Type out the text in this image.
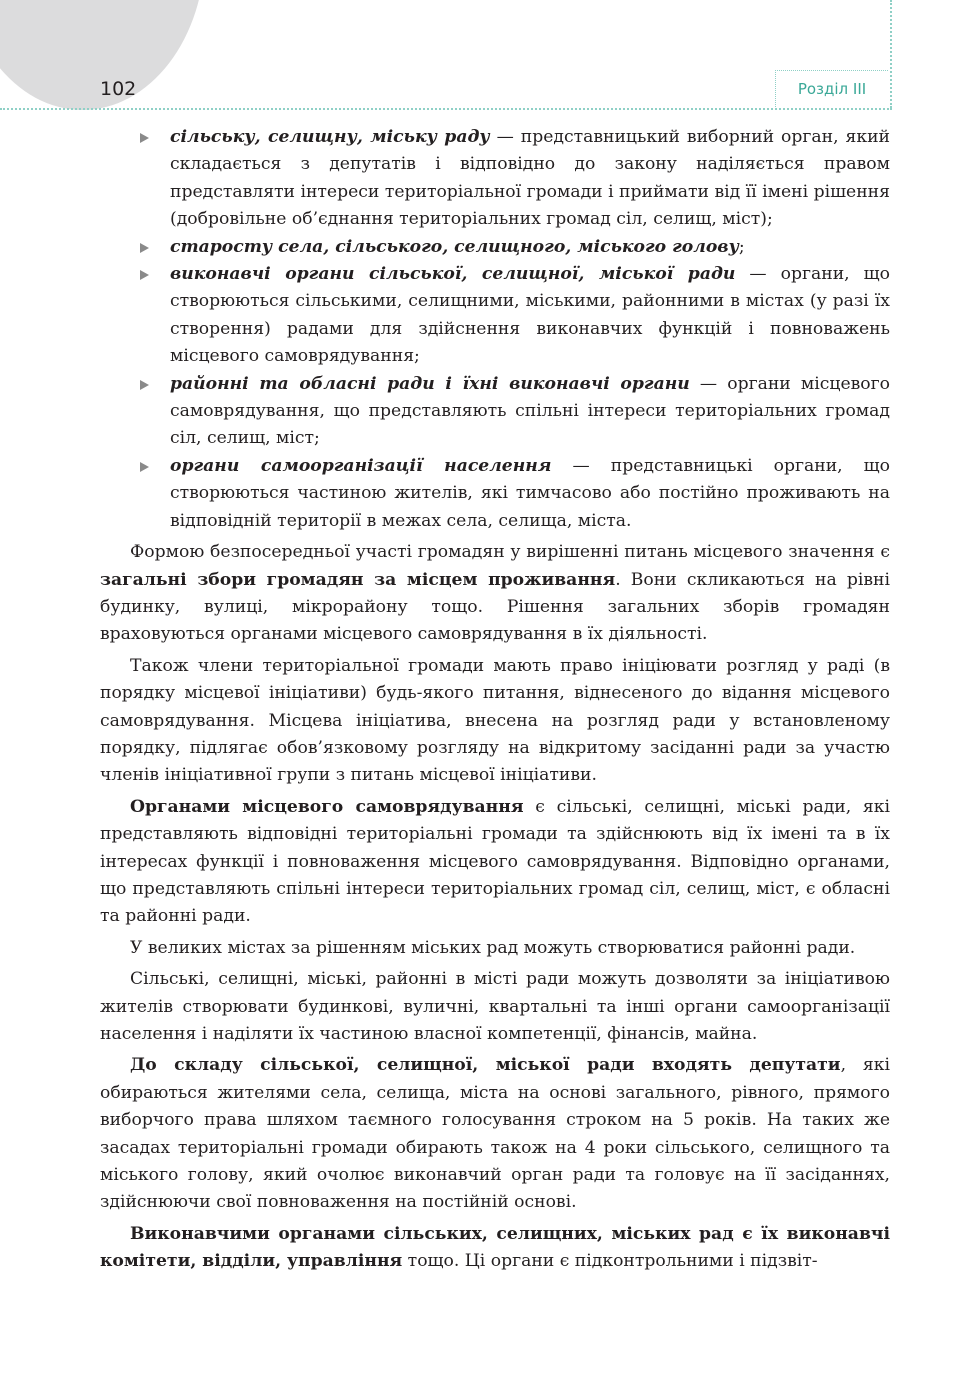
102	Розділ ІІІ
сільську, селищну, міську раду — представницький виборний орган, який складається з депутатів і відповідно до закону наділяється правом представляти інтереси територіальної громади і приймати від її імені рішення (добровільне об’єднання територіальних громад сіл, селищ, міст);
старосту села, сільського, селищного, міського голову;
виконавчі органи сільської, селищної, міської ради — органи, що створюються сільськими, селищними, міськими, районними в містах (у разі їх створення) радами для здійснення виконавчих функцій і повноважень місцевого самоврядування;
районні та обласні ради і їхні виконавчі органи — органи місцевого самоврядування, що представляють спільні інтереси територіальних громад сіл, селищ, міст;
органи самоорганізації населення — представницькі органи, що створюються частиною жителів, які тимчасово або постійно проживають на відповідній території в межах села, селища, міста.

Формою безпосередньої участі громадян у вирішенні питань місцевого значення є загальні збори громадян за місцем проживання. Вони скликаються на рівні будинку, вулиці, мікрорайону тощо. Рішення загальних зборів громадян враховуються органами місцевого самоврядування в їх діяльності.

Також члени територіальної громади мають право ініціювати розгляд у раді (в порядку місцевої ініціативи) будь-якого питання, віднесеного до відання місцевого самоврядування. Місцева ініціатива, внесена на розгляд ради у встановленому порядку, підлягає обов’язковому розгляду на відкритому засіданні ради за участю членів ініціативної групи з питань місцевої ініціативи.

Органами місцевого самоврядування є сільські, селищні, міські ради, які представляють відповідні територіальні громади та здійснюють від їх імені та в їх інтересах функції і повноваження місцевого самоврядування. Відповідно органами, що представляють спільні інтереси територіальних громад сіл, селищ, міст, є обласні та районні ради.

У великих містах за рішенням міських рад можуть створюватися районні ради.

Сільські, селищні, міські, районні в місті ради можуть дозволяти за ініціативою жителів створювати будинкові, вуличні, квартальні та інші органи самоорганізації населення і наділяти їх частиною власної компетенції, фінансів, майна.

До складу сільської, селищної, міської ради входять депутати, які обираються жителями села, селища, міста на основі загального, рівного, прямого виборчого права шляхом таємного голосування строком на 5 років. На таких же засадах територіальні громади обирають також на 4 роки сільського, селищного та міського голову, який очолює виконавчий орган ради та головує на її засіданнях, здійснюючи свої повноваження на постійній основі.

Виконавчими органами сільських, селищних, міських рад є їх виконавчі комітети, відділи, управління тощо. Ці органи є підконтрольними і підзвіт-
